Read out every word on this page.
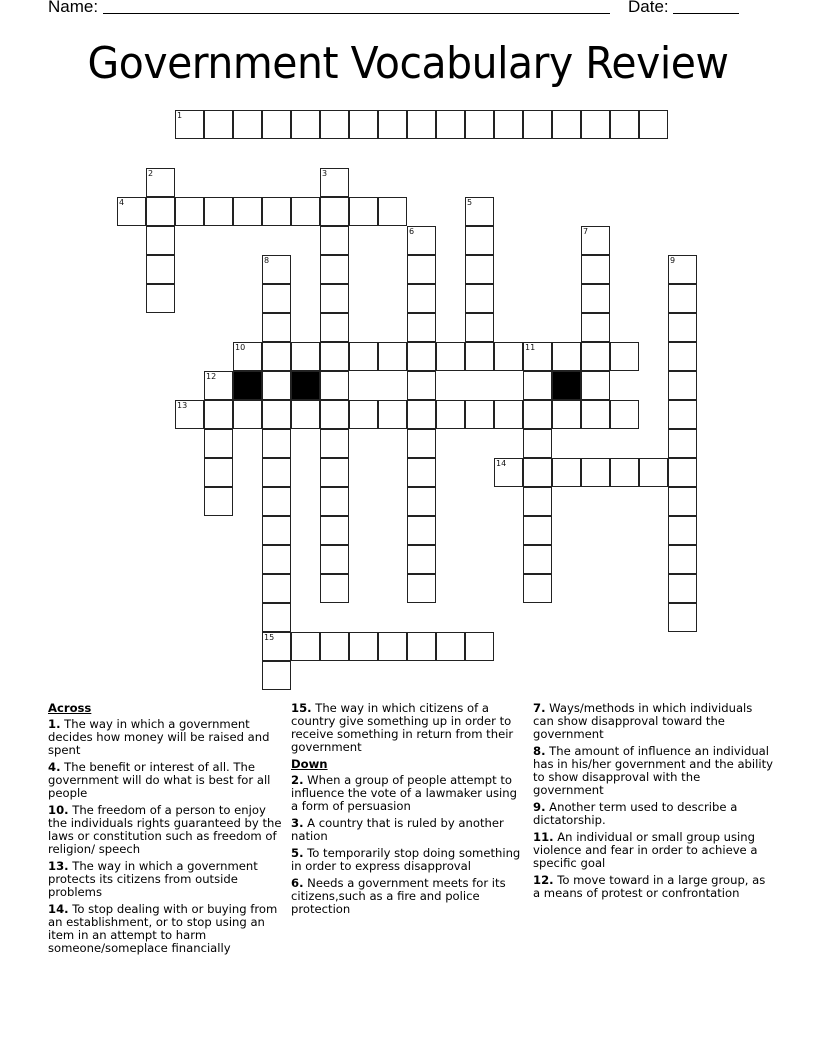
Name:	Date:
Government Vocabulary Review
1
2	3
4	5
6	7
8
15
9
10	11
12
13
14
Across
1. The way in which a government decides how money will be raised and spent
4. The benefit or interest of all. The government will do what is best for all people
10. The freedom of a person to enjoy the individuals rights guaranteed by the laws or constitution such as freedom of religion/ speech
13. The way in which a government protects its citizens from outside problems
14. To stop dealing with or buying from an establishment, or to stop using an item in an attempt to harm someone/someplace financially
15. The way in which citizens of a country give something up in order to receive something in return from their government
Down
2. When a group of people attempt to influence the vote of a lawmaker using a form of persuasion
3. A country that is ruled by another nation
5. To temporarily stop doing something in order to express disapproval
6. Needs a government meets for its citizens,such as a fire and police protection
7. Ways/methods in which individuals can show disapproval toward the government
8. The amount of influence an individual has in his/her government and the ability to show disapproval with the government
9. Another term used to describe a dictatorship.
11. An individual or small group using violence and fear in order to achieve a specific goal
12. To move toward in a large group, as a means of protest or confrontation
